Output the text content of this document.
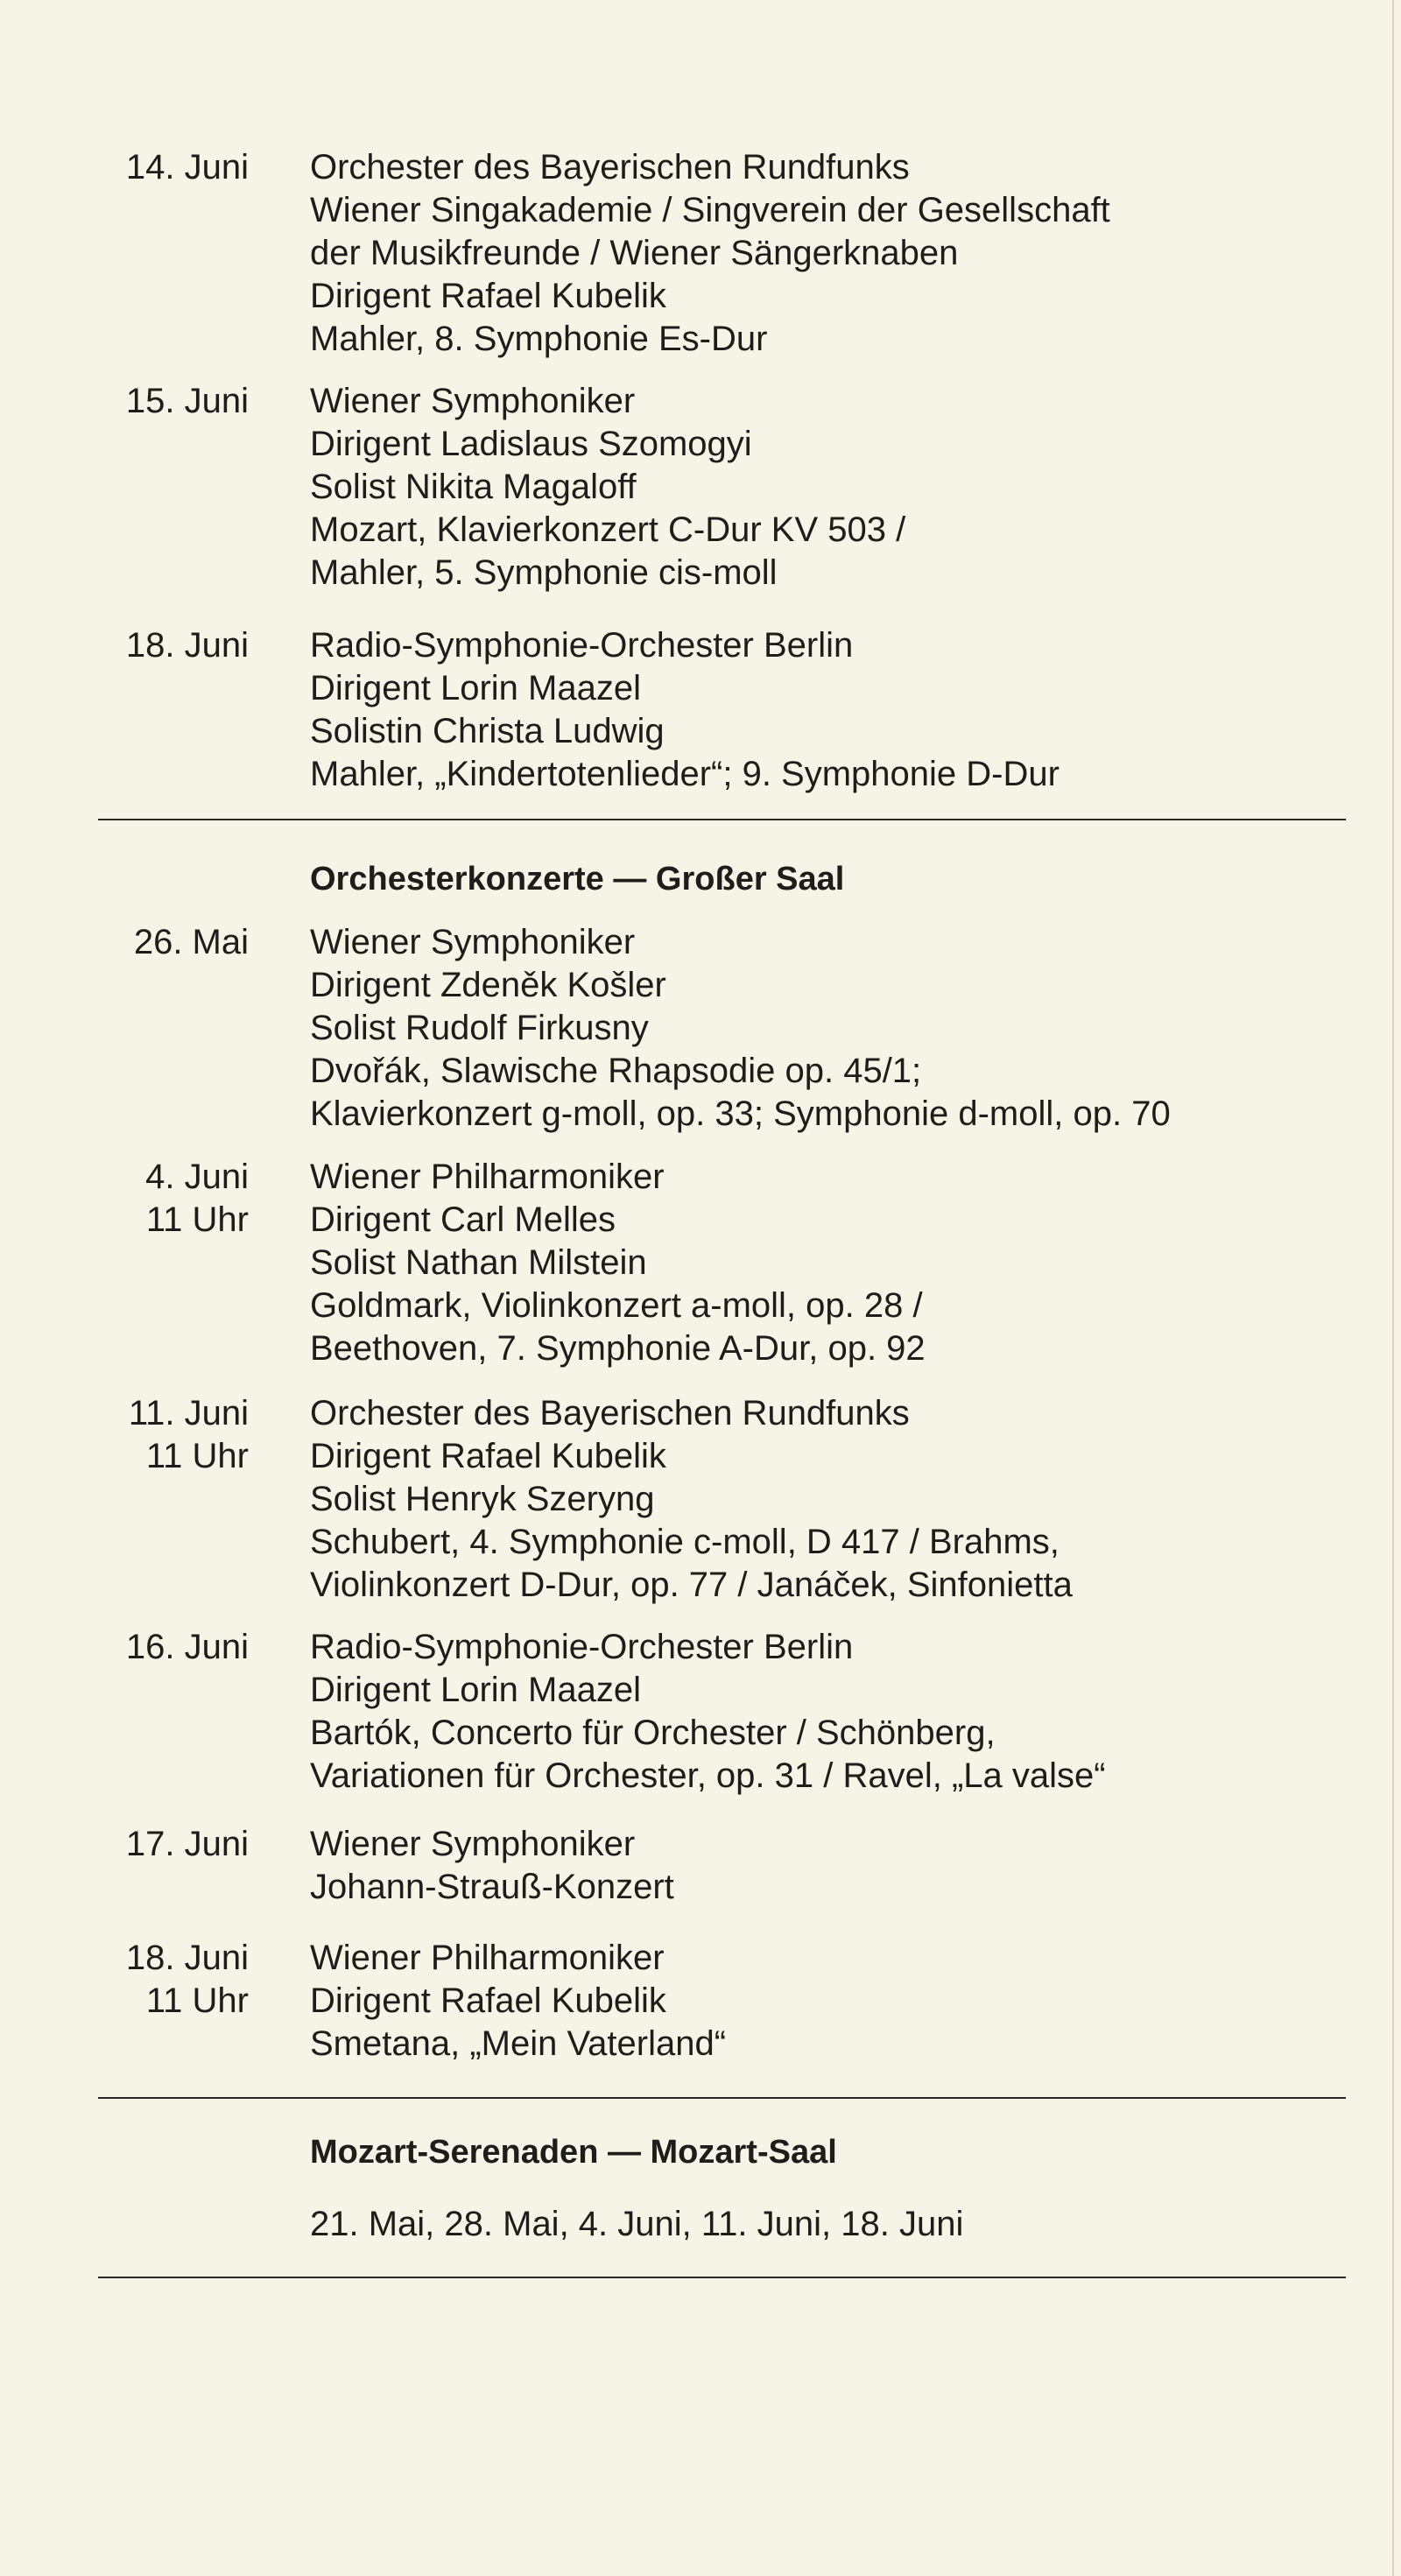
14. Juni Orchester des Bayerischen Rundfunks
Wiener Singakademie / Singverein der Gesellschaft
der Musikfreunde / Wiener Sängerknaben
Dirigent Rafael Kubelik
Mahler, 8. Symphonie Es-Dur
15. Juni Wiener Symphoniker
Dirigent Ladislaus Szomogyi
Solist Nikita Magaloff
Mozart, Klavierkonzert C-Dur KV 503 /
Mahler, 5. Symphonie cis-moll
18. Juni Radio-Symphonie-Orchester Berlin
Dirigent Lorin Maazel
Solistin Christa Ludwig
Mahler, „Kindertotenlieder“; 9. Symphonie D-Dur
Orchesterkonzerte — Großer Saal
26. Mai Wiener Symphoniker
Dirigent Zdeněk Košler
Solist Rudolf Firkusny
Dvořák, Slawische Rhapsodie op. 45/1;
Klavierkonzert g-moll, op. 33; Symphonie d-moll, op. 70
4. Juni
11 Uhr
Wiener Philharmoniker
Dirigent Carl Melles
Solist Nathan Milstein
Goldmark, Violinkonzert a-moll, op. 28 /
Beethoven, 7. Symphonie A-Dur, op. 92
11. Juni
11 Uhr
Orchester des Bayerischen Rundfunks
Dirigent Rafael Kubelik
Solist Henryk Szeryng
Schubert, 4. Symphonie c-moll, D 417 / Brahms,
Violinkonzert D-Dur, op. 77 / Janáček, Sinfonietta
16. Juni Radio-Symphonie-Orchester Berlin
Dirigent Lorin Maazel
Bartók, Concerto für Orchester / Schönberg,
Variationen für Orchester, op. 31 / Ravel, „La valse“
17. Juni Wiener Symphoniker
Johann-Strauß-Konzert
18. Juni
11 Uhr
Wiener Philharmoniker
Dirigent Rafael Kubelik
Smetana, „Mein Vaterland“
Mozart-Serenaden — Mozart-Saal
21. Mai, 28. Mai, 4. Juni, 11. Juni, 18. Juni
